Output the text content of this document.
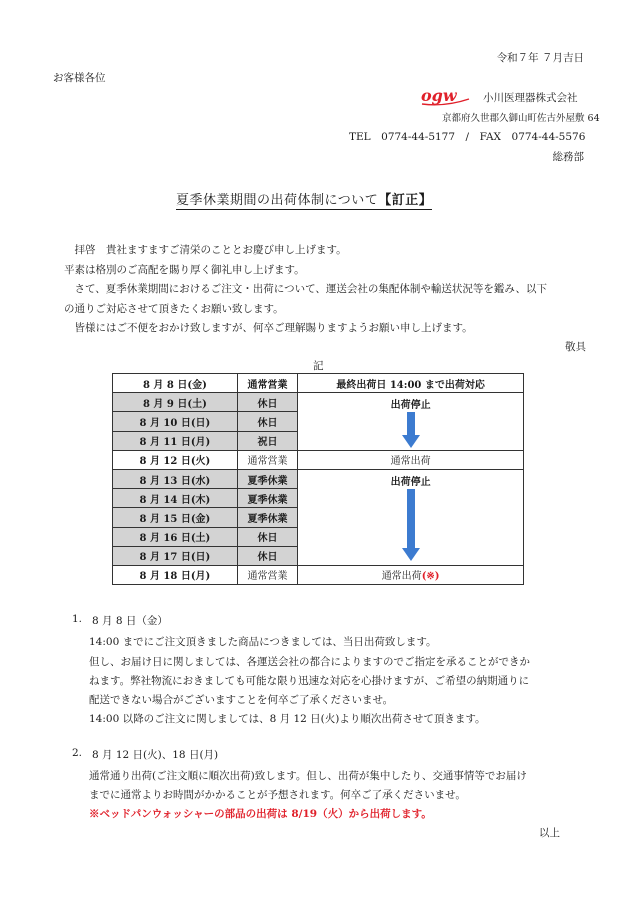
令和７年 ７月吉日
お客様各位
ogw	小川医理器株式会社
京都府久世郡久御山町佐古外屋敷 64
TEL　0774-44-5177　/　FAX　0774-44-5576
総務部
夏季休業期間の出荷体制について【訂正】
　拝啓　貴社ますますご清栄のこととお慶び申し上げます。
平素は格別のご高配を賜り厚く御礼申し上げます。
　さて、夏季休業期間におけるご注文・出荷について、運送会社の集配体制や輸送状況等を鑑み、以下
の通りご対応させて頂きたくお願い致します。
　皆様にはご不便をおかけ致しますが、何卒ご理解賜りますようお願い申し上げます。
敬具
記
8 月 8 日(金)	通常営業	最終出荷日 14:00 まで出荷対応
8 月 9 日(土)	休日	出荷停止

8 月 10 日(日)	休日	
8 月 11 日(月)	祝日	
8 月 12 日(火)	通常営業	通常出荷
8 月 13 日(水)	夏季休業	出荷停止

8 月 14 日(木)	夏季休業	
8 月 15 日(金)	夏季休業	
8 月 16 日(土)	休日	
8 月 17 日(日)	休日	
8 月 18 日(月)	通常営業	通常出荷(※)
1. 8 月 8 日（金）
14:00 までにご注文頂きました商品につきましては、当日出荷致します。
但し、お届け日に関しましては、各運送会社の都合によりますのでご指定を承ることができか
ねます。弊社物流におきましても可能な限り迅速な対応を心掛けますが、ご希望の納期通りに
配送できない場合がございますことを何卒ご了承くださいませ。
14:00 以降のご注文に関しましては、8 月 12 日(火)より順次出荷させて頂きます。
2. 8 月 12 日(火)、18 日(月)
通常通り出荷(ご注文順に順次出荷)致します。但し、出荷が集中したり、交通事情等でお届け
までに通常よりお時間がかかることが予想されます。何卒ご了承くださいませ。
※ベッドパンウォッシャーの部品の出荷は 8/19（火）から出荷します。
以上
